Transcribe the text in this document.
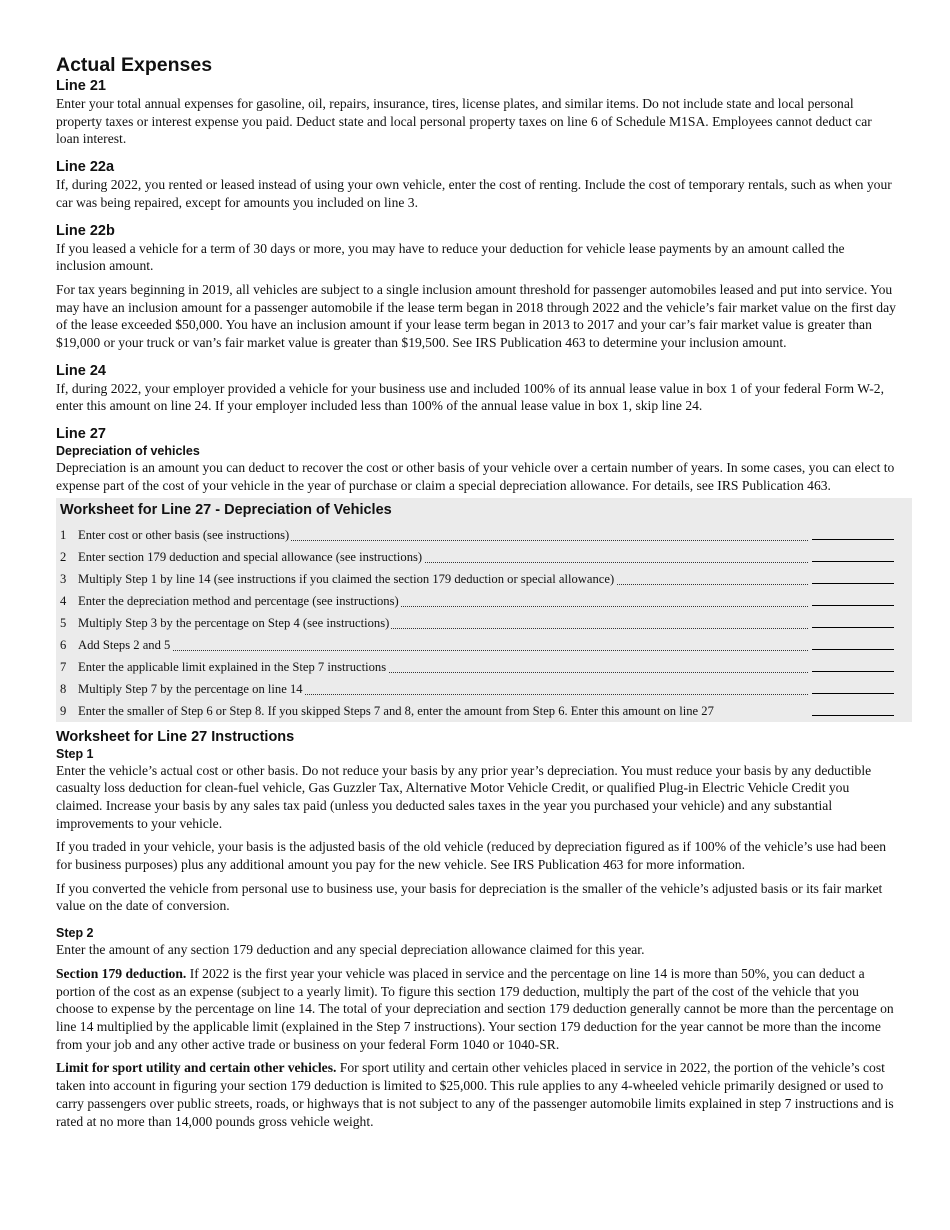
Actual Expenses
Line 21

Enter your total annual expenses for gasoline, oil, repairs, insurance, tires, license plates, and similar items. Do not include state and local personal property taxes or interest expense you paid. Deduct state and local personal property taxes on line 6 of Schedule M1SA. Employees cannot deduct car loan interest.

Line 22a

If, during 2022, you rented or leased instead of using your own vehicle, enter the cost of renting. Include the cost of temporary rentals, such as when your car was being repaired, except for amounts you included on line 3.

Line 22b

If you leased a vehicle for a term of 30 days or more, you may have to reduce your deduction for vehicle lease payments by an amount called the inclusion amount.

For tax years beginning in 2019, all vehicles are subject to a single inclusion amount threshold for passenger automobiles leased and put into service. You may have an inclusion amount for a passenger automobile if the lease term began in 2018 through 2022 and the vehicle’s fair market value on the first day of the lease exceeded $50,000. You have an inclusion amount if your lease term began in 2013 to 2017 and your car’s fair market value is greater than $19,000 or your truck or van’s fair market value is greater than $19,500. See IRS Publication 463 to determine your inclusion amount.

Line 24

If, during 2022, your employer provided a vehicle for your business use and included 100% of its annual lease value in box 1 of your federal Form W-2, enter this amount on line 24. If your employer included less than 100% of the annual lease value in box 1, skip line 24.

Line 27
Depreciation of vehicles

Depreciation is an amount you can deduct to recover the cost or other basis of your vehicle over a certain number of years. In some cases, you can elect to expense part of the cost of your vehicle in the year of purchase or claim a special depreciation allowance. For details, see IRS Publication 463.

Worksheet for Line 27 - Depreciation of Vehicles
1 Enter cost or other basis (see instructions)
2 Enter section 179 deduction and special allowance (see instructions)
3 Multiply Step 1 by line 14 (see instructions if you claimed the section 179 deduction or special allowance)
4 Enter the depreciation method and percentage (see instructions)
5 Multiply Step 3 by the percentage on Step 4 (see instructions)
6 Add Steps 2 and 5
7 Enter the applicable limit explained in the Step 7 instructions
8 Multiply Step 7 by the percentage on line 14
9 Enter the smaller of Step 6 or Step 8. If you skipped Steps 7 and 8, enter the amount from Step 6. Enter this amount on line 27
Worksheet for Line 27 Instructions
Step 1

Enter the vehicle’s actual cost or other basis. Do not reduce your basis by any prior year’s depreciation. You must reduce your basis by any deductible casualty loss deduction for clean-fuel vehicle, Gas Guzzler Tax, Alternative Motor Vehicle Credit, or qualified Plug-in Electric Vehicle Credit you claimed. Increase your basis by any sales tax paid (unless you deducted sales taxes in the year you purchased your vehicle) and any substantial improvements to your vehicle.

If you traded in your vehicle, your basis is the adjusted basis of the old vehicle (reduced by depreciation figured as if 100% of the vehicle’s use had been for business purposes) plus any additional amount you pay for the new vehicle. See IRS Publication 463 for more information.

If you converted the vehicle from personal use to business use, your basis for depreciation is the smaller of the vehicle’s adjusted basis or its fair market value on the date of conversion.

Step 2

Enter the amount of any section 179 deduction and any special depreciation allowance claimed for this year.

Section 179 deduction. If 2022 is the first year your vehicle was placed in service and the percentage on line 14 is more than 50%, you can deduct a portion of the cost as an expense (subject to a yearly limit). To figure this section 179 deduction, multiply the part of the cost of the vehicle that you choose to expense by the percentage on line 14. The total of your depreciation and section 179 deduction generally cannot be more than the percentage on line 14 multiplied by the applicable limit (explained in the Step 7 instructions). Your section 179 deduction for the year cannot be more than the income from your job and any other active trade or business on your federal Form 1040 or 1040-SR.

Limit for sport utility and certain other vehicles. For sport utility and certain other vehicles placed in service in 2022, the portion of the vehicle’s cost taken into account in figuring your section 179 deduction is limited to $25,000. This rule applies to any 4-wheeled vehicle primarily designed or used to carry passengers over public streets, roads, or highways that is not subject to any of the passenger automobile limits explained in step 7 instructions and is rated at no more than 14,000 pounds gross vehicle weight.
